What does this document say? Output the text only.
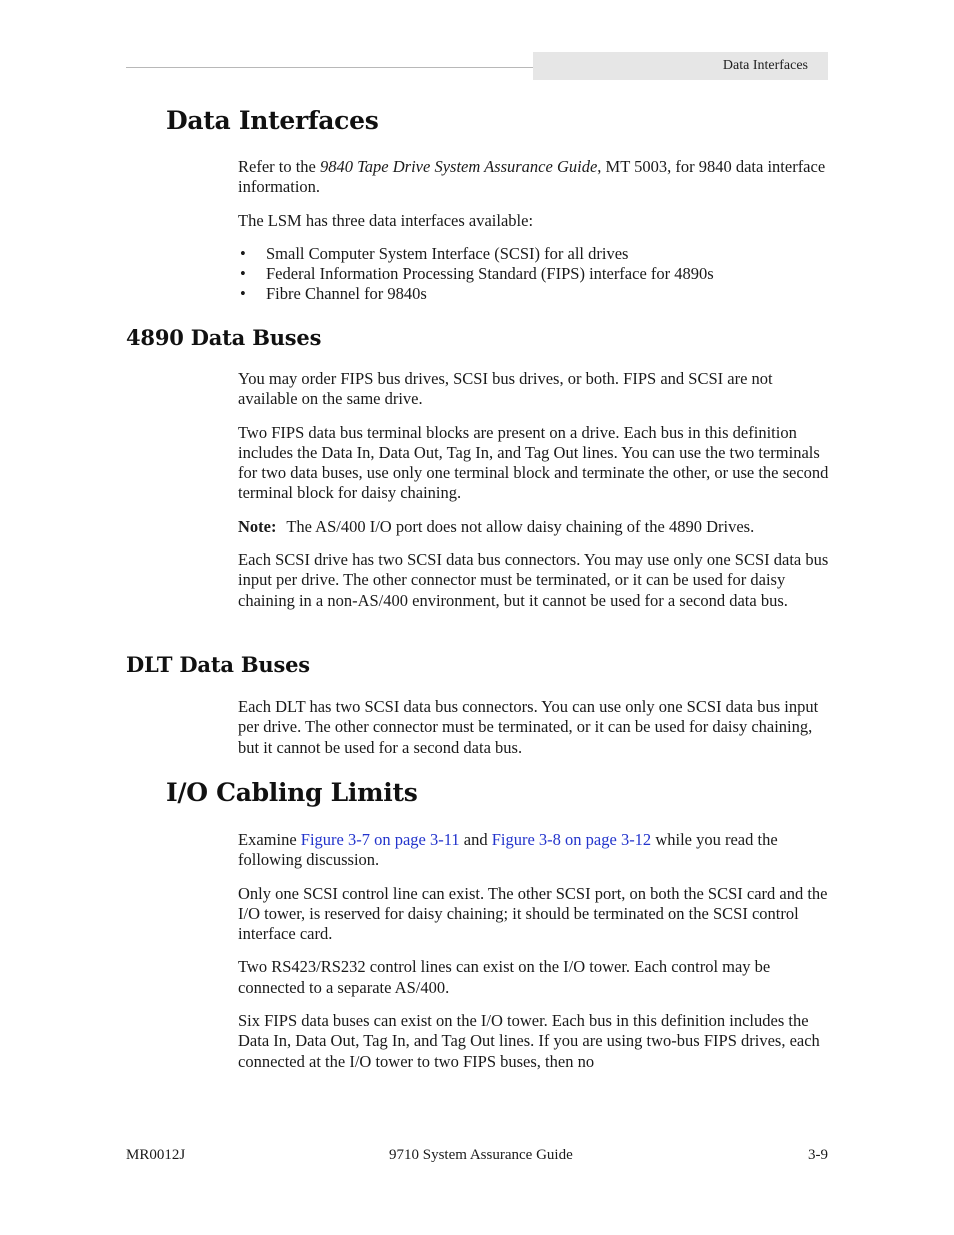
Data Interfaces
Data Interfaces

Refer to the 9840 Tape Drive System Assurance Guide, MT 5003, for 9840 data interface information.

The LSM has three data interfaces available:

• Small Computer System Interface (SCSI) for all drives
• Federal Information Processing Standard (FIPS) interface for 4890s
• Fibre Channel for 9840s
4890 Data Buses

You may order FIPS bus drives, SCSI bus drives, or both. FIPS and SCSI are not available on the same drive.

Two FIPS data bus terminal blocks are present on a drive. Each bus in this definition includes the Data In, Data Out, Tag In, and Tag Out lines. You can use the two terminals for two data buses, use only one terminal block and terminate the other, or use the second terminal block for daisy chaining.

Note: The AS/400 I/O port does not allow daisy chaining of the 4890 Drives.

Each SCSI drive has two SCSI data bus connectors. You may use only one SCSI data bus input per drive. The other connector must be terminated, or it can be used for daisy chaining in a non-AS/400 environment, but it cannot be used for a second data bus.

DLT Data Buses

Each DLT has two SCSI data bus connectors. You can use only one SCSI data bus input per drive. The other connector must be terminated, or it can be used for daisy chaining, but it cannot be used for a second data bus.

I/O Cabling Limits

Examine Figure 3-7 on page 3-11 and Figure 3-8 on page 3-12 while you read the following discussion.

Only one SCSI control line can exist. The other SCSI port, on both the SCSI card and the I/O tower, is reserved for daisy chaining; it should be terminated on the SCSI control interface card.

Two RS423/RS232 control lines can exist on the I/O tower. Each control may be connected to a separate AS/400.

Six FIPS data buses can exist on the I/O tower. Each bus in this definition includes the Data In, Data Out, Tag In, and Tag Out lines. If you are using two-bus FIPS drives, each connected at the I/O tower to two FIPS buses, then no

MR0012J	9710 System Assurance Guide	3-9
